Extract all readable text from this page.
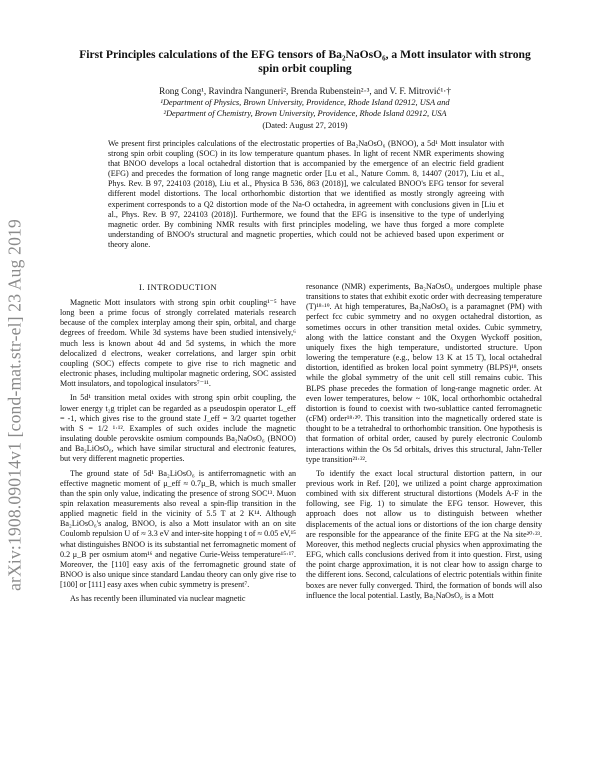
arXiv:1908.09014v1 [cond-mat.str-el] 23 Aug 2019
First Principles calculations of the EFG tensors of Ba₂NaOsO₆, a Mott insulator with strong spin orbit coupling
Rong Cong¹, Ravindra Nanguneri², Brenda Rubenstein²·³, and V. F. Mitrović¹·†
¹Department of Physics, Brown University, Providence, Rhode Island 02912, USA and
²Department of Chemistry, Brown University, Providence, Rhode Island 02912, USA
(Dated: August 27, 2019)

We present first principles calculations of the electrostatic properties of Ba₂NaOsO₆ (BNOO), a 5d¹ Mott insulator with strong spin orbit coupling (SOC) in its low temperature quantum phases. In light of recent NMR experiments showing that BNOO develops a local octahedral distortion that is accompanied by the emergence of an electric field gradient (EFG) and precedes the formation of long range magnetic order [Lu et al., Nature Comm. 8, 14407 (2017), Liu et al., Phys. Rev. B 97, 224103 (2018), Liu et al., Physica B 536, 863 (2018)], we calculated BNOO's EFG tensor for several different model distortions. The local orthorhombic distortion that we identified as mostly strongly agreeing with experiment corresponds to a Q2 distortion mode of the Na-O octahedra, in agreement with conclusions given in [Liu et al., Phys. Rev. B 97, 224103 (2018)]. Furthermore, we found that the EFG is insensitive to the type of underlying magnetic order. By combining NMR results with first principles modeling, we have thus forged a more complete understanding of BNOO's structural and magnetic properties, which could not be achieved based upon experiment or theory alone.

I. INTRODUCTION

Magnetic Mott insulators with strong spin orbit coupling¹⁻⁵ have long been a prime focus of strongly correlated materials research because of the complex interplay among their spin, orbital, and charge degrees of freedom. While 3d systems have been studied intensively,⁶ much less is known about 4d and 5d systems, in which the more delocalized d electrons, weaker correlations, and larger spin orbit coupling (SOC) effects compete to give rise to rich magnetic and electronic phases, including multipolar magnetic ordering, SOC assisted Mott insulators, and topological insulators⁷⁻¹¹.

In 5d¹ transition metal oxides with strong spin orbit coupling, the lower energy t₂g triplet can be regarded as a pseudospin operator L_eff = -1, which gives rise to the ground state J_eff = 3/2 quartet together with S = 1/2 ¹·¹². Examples of such oxides include the magnetic insulating double perovskite osmium compounds Ba₂NaOsO₆ (BNOO) and Ba₂LiOsO₆, which have similar structural and electronic features, but very different magnetic properties.

The ground state of 5d¹ Ba₂LiOsO₆ is antiferromagnetic with an effective magnetic moment of μ_eff ≈ 0.7μ_B, which is much smaller than the spin only value, indicating the presence of strong SOC¹³. Muon spin relaxation measurements also reveal a spin-flip transition in the applied magnetic field in the vicinity of 5.5 T at 2 K¹⁴. Although Ba₂LiOsO₆'s analog, BNOO, is also a Mott insulator with an on site Coulomb repulsion U of ≈ 3.3 eV and inter-site hopping t of ≈ 0.05 eV,¹⁵ what distinguishes BNOO is its substantial net ferromagnetic moment of 0.2 μ_B per osmium atom¹⁶ and negative Curie-Weiss temperature¹⁵·¹⁷. Moreover, the [110] easy axis of the ferromagnetic ground state of BNOO is also unique since standard Landau theory can only give rise to [100] or [111] easy axes when cubic symmetry is present⁷.

As has recently been illuminated via nuclear magnetic

resonance (NMR) experiments, Ba₂NaOsO₆ undergoes multiple phase transitions to states that exhibit exotic order with decreasing temperature (T)¹⁸·¹⁹. At high temperatures, Ba₂NaOsO₆ is a paramagnet (PM) with perfect fcc cubic symmetry and no oxygen octahedral distortion, as sometimes occurs in other transition metal oxides. Cubic symmetry, along with the lattice constant and the Oxygen Wyckoff position, uniquely fixes the high temperature, undistorted structure. Upon lowering the temperature (e.g., below 13 K at 15 T), local octahedral distortion, identified as broken local point symmetry (BLPS)¹⁸, onsets while the global symmetry of the unit cell still remains cubic. This BLPS phase precedes the formation of long-range magnetic order. At even lower temperatures, below ~ 10K, local orthorhombic octahedral distortion is found to coexist with two-sublattice canted ferromagnetic (cFM) order¹⁸·²⁰. This transition into the magnetically ordered state is thought to be a tetrahedral to orthorhombic transition. One hypothesis is that formation of orbital order, caused by purely electronic Coulomb interactions within the Os 5d orbitals, drives this structural, Jahn-Teller type transition²¹·²².

To identify the exact local structural distortion pattern, in our previous work in Ref. [20], we utilized a point charge approximation combined with six different structural distortions (Models A-F in the following, see Fig. 1) to simulate the EFG tensor. However, this approach does not allow us to distinguish between whether displacements of the actual ions or distortions of the ion charge density are responsible for the appearance of the finite EFG at the Na site²⁰·²³. Moreover, this method neglects crucial physics when approximating the EFG, which calls conclusions derived from it into question. First, using the point charge approximation, it is not clear how to assign charge to the different ions. Second, calculations of electric potentials within finite boxes are never fully converged. Third, the formation of bonds will also influence the local potential. Lastly, Ba₂NaOsO₆ is a Mott
